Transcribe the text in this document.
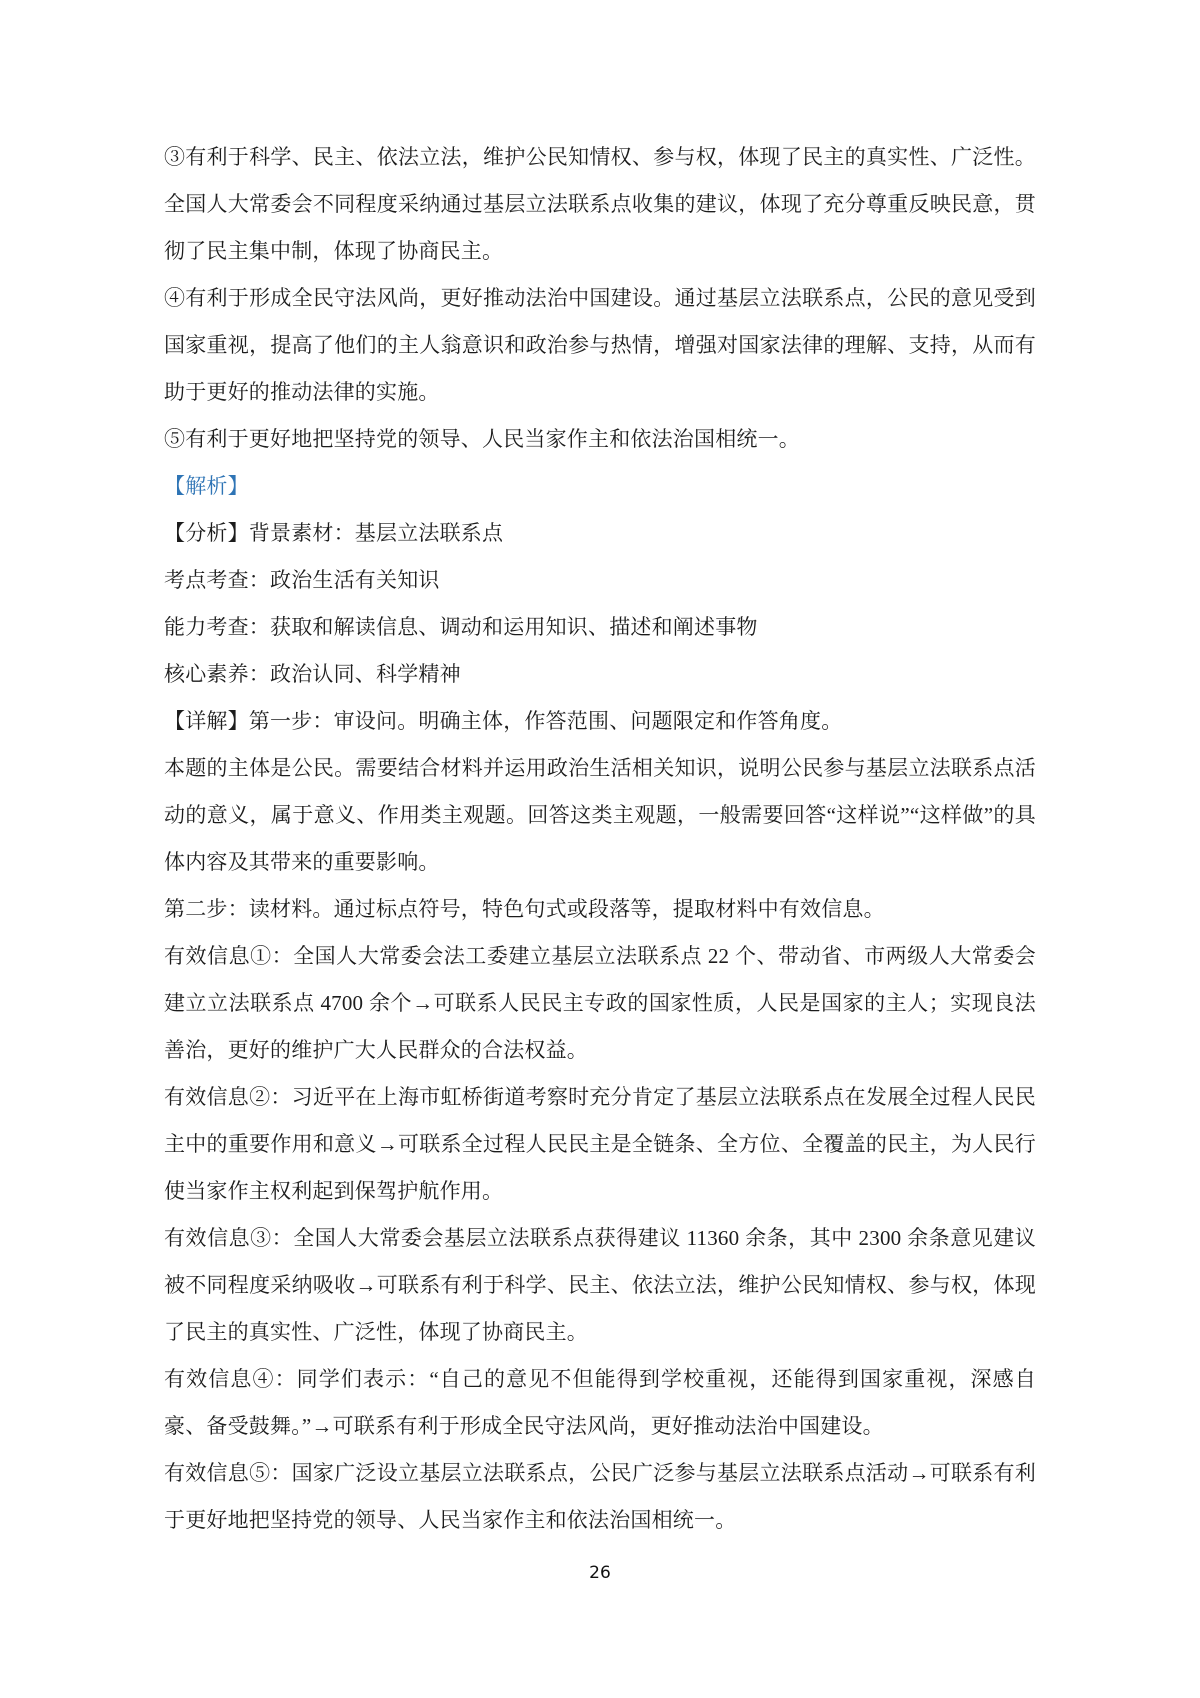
③有利于科学、民主、依法立法，维护公民知情权、参与权，体现了民主的真实性、广泛性。全国人大常委会不同程度采纳通过基层立法联系点收集的建议，体现了充分尊重反映民意，贯彻了民主集中制，体现了协商民主。
④有利于形成全民守法风尚，更好推动法治中国建设。通过基层立法联系点，公民的意见受到国家重视，提高了他们的主人翁意识和政治参与热情，增强对国家法律的理解、支持，从而有助于更好的推动法律的实施。
⑤有利于更好地把坚持党的领导、人民当家作主和依法治国相统一。
【解析】
【分析】背景素材：基层立法联系点
考点考查：政治生活有关知识
能力考查：获取和解读信息、调动和运用知识、描述和阐述事物
核心素养：政治认同、科学精神
【详解】第一步：审设问。明确主体，作答范围、问题限定和作答角度。
本题的主体是公民。需要结合材料并运用政治生活相关知识，说明公民参与基层立法联系点活动的意义，属于意义、作用类主观题。回答这类主观题，一般需要回答“这样说”“这样做”的具体内容及其带来的重要影响。
第二步：读材料。通过标点符号，特色句式或段落等，提取材料中有效信息。
有效信息①：全国人大常委会法工委建立基层立法联系点 22 个、带动省、市两级人大常委会建立立法联系点 4700 余个→可联系人民民主专政的国家性质，人民是国家的主人；实现良法善治，更好的维护广大人民群众的合法权益。
有效信息②：习近平在上海市虹桥街道考察时充分肯定了基层立法联系点在发展全过程人民民主中的重要作用和意义→可联系全过程人民民主是全链条、全方位、全覆盖的民主，为人民行使当家作主权利起到保驾护航作用。
有效信息③：全国人大常委会基层立法联系点获得建议 11360 余条，其中 2300 余条意见建议被不同程度采纳吸收→可联系有利于科学、民主、依法立法，维护公民知情权、参与权，体现了民主的真实性、广泛性，体现了协商民主。
有效信息④：同学们表示：“自己的意见不但能得到学校重视，还能得到国家重视，深感自豪、备受鼓舞。”→可联系有利于形成全民守法风尚，更好推动法治中国建设。
有效信息⑤：国家广泛设立基层立法联系点，公民广泛参与基层立法联系点活动→可联系有利于更好地把坚持党的领导、人民当家作主和依法治国相统一。
26
